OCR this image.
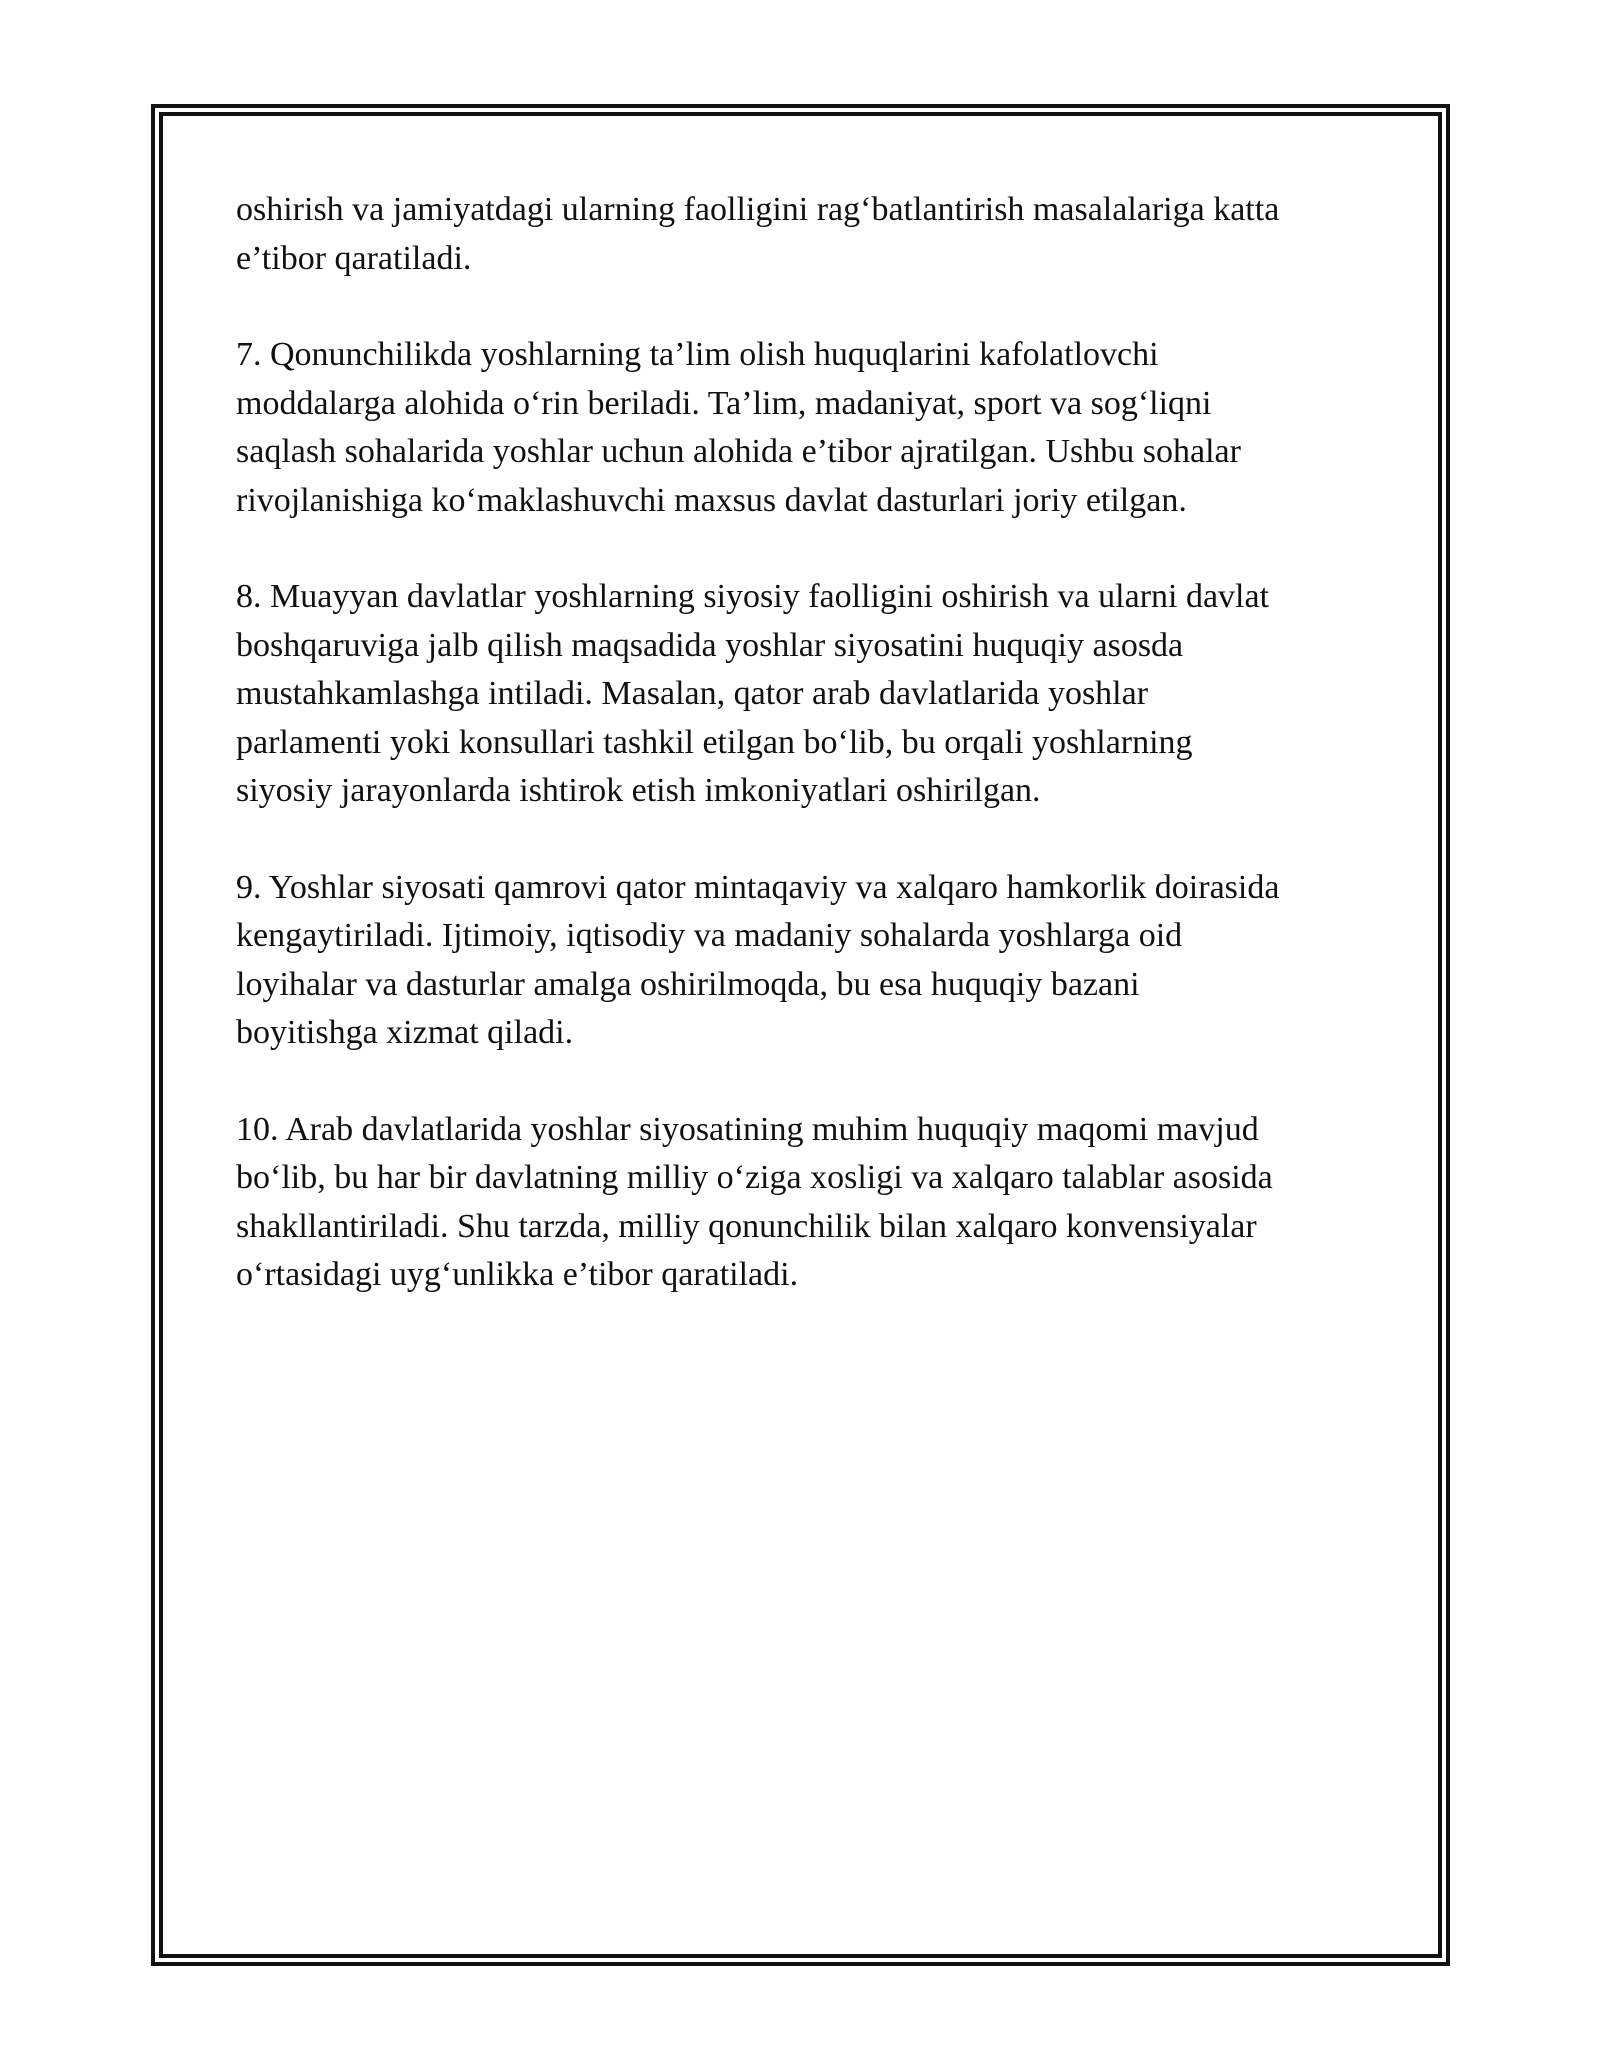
oshirish va jamiyatdagi ularning faolligini rag‘batlantirish masalalariga katta
e’tibor qaratiladi.

7. Qonunchilikda yoshlarning ta’lim olish huquqlarini kafolatlovchi
moddalarga alohida o‘rin beriladi. Ta’lim, madaniyat, sport va sog‘liqni
saqlash sohalarida yoshlar uchun alohida e’tibor ajratilgan. Ushbu sohalar
rivojlanishiga ko‘maklashuvchi maxsus davlat dasturlari joriy etilgan.

8. Muayyan davlatlar yoshlarning siyosiy faolligini oshirish va ularni davlat
boshqaruviga jalb qilish maqsadida yoshlar siyosatini huquqiy asosda
mustahkamlashga intiladi. Masalan, qator arab davlatlarida yoshlar
parlamenti yoki konsullari tashkil etilgan bo‘lib, bu orqali yoshlarning
siyosiy jarayonlarda ishtirok etish imkoniyatlari oshirilgan.

9. Yoshlar siyosati qamrovi qator mintaqaviy va xalqaro hamkorlik doirasida
kengaytiriladi. Ijtimoiy, iqtisodiy va madaniy sohalarda yoshlarga oid
loyihalar va dasturlar amalga oshirilmoqda, bu esa huquqiy bazani
boyitishga xizmat qiladi.

10. Arab davlatlarida yoshlar siyosatining muhim huquqiy maqomi mavjud
bo‘lib, bu har bir davlatning milliy o‘ziga xosligi va xalqaro talablar asosida
shakllantiriladi. Shu tarzda, milliy qonunchilik bilan xalqaro konvensiyalar
o‘rtasidagi uyg‘unlikka e’tibor qaratiladi.
